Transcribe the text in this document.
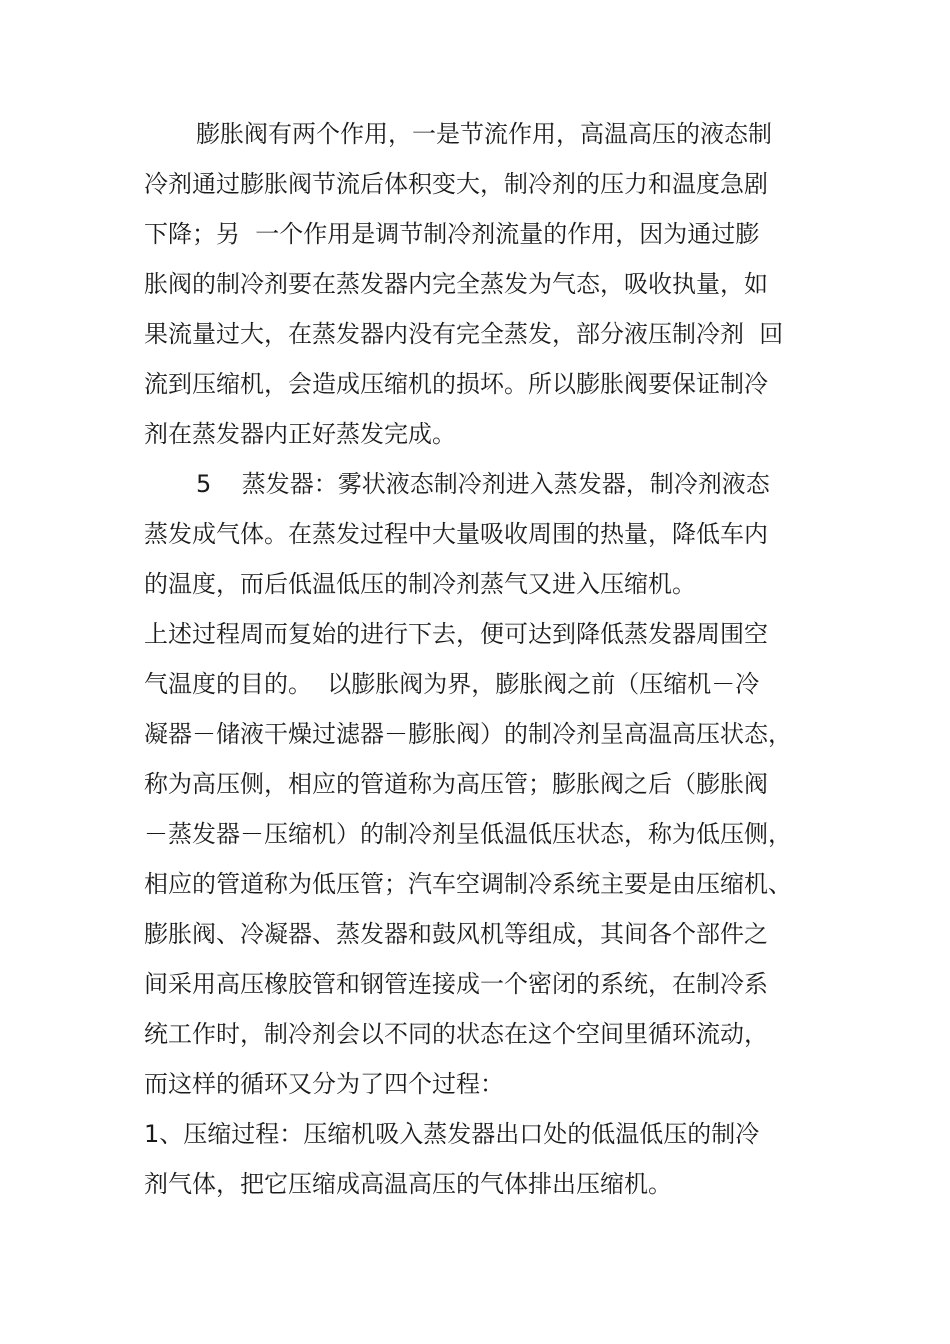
膨胀阀有两个作用，一是节流作用，高温高压的液态制
冷剂通过膨胀阀节流后体积变大，制冷剂的压力和温度急剧
下降；另  一个作用是调节制冷剂流量的作用，因为通过膨
胀阀的制冷剂要在蒸发器内完全蒸发为气态，吸收执量，如
果流量过大，在蒸发器内没有完全蒸发，部分液压制冷剂  回
流到压缩机，会造成压缩机的损坏。所以膨胀阀要保证制冷
剂在蒸发器内正好蒸发完成。
5    蒸发器：雾状液态制冷剂进入蒸发器，制冷剂液态
蒸发成气体。在蒸发过程中大量吸收周围的热量，降低车内
的温度，而后低温低压的制冷剂蒸气又进入压缩机。
上述过程周而复始的进行下去，便可达到降低蒸发器周围空
气温度的目的。  以膨胀阀为界，膨胀阀之前（压缩机－冷
凝器－储液干燥过滤器－膨胀阀）的制冷剂呈高温高压状态，
称为高压侧，相应的管道称为高压管；膨胀阀之后（膨胀阀
－蒸发器－压缩机）的制冷剂呈低温低压状态，称为低压侧，
相应的管道称为低压管；汽车空调制冷系统主要是由压缩机、
膨胀阀、冷凝器、蒸发器和鼓风机等组成，其间各个部件之
间采用高压橡胶管和钢管连接成一个密闭的系统，在制冷系
统工作时，制冷剂会以不同的状态在这个空间里循环流动，
而这样的循环又分为了四个过程：
1、压缩过程：压缩机吸入蒸发器出口处的低温低压的制冷
剂气体，把它压缩成高温高压的气体排出压缩机。
